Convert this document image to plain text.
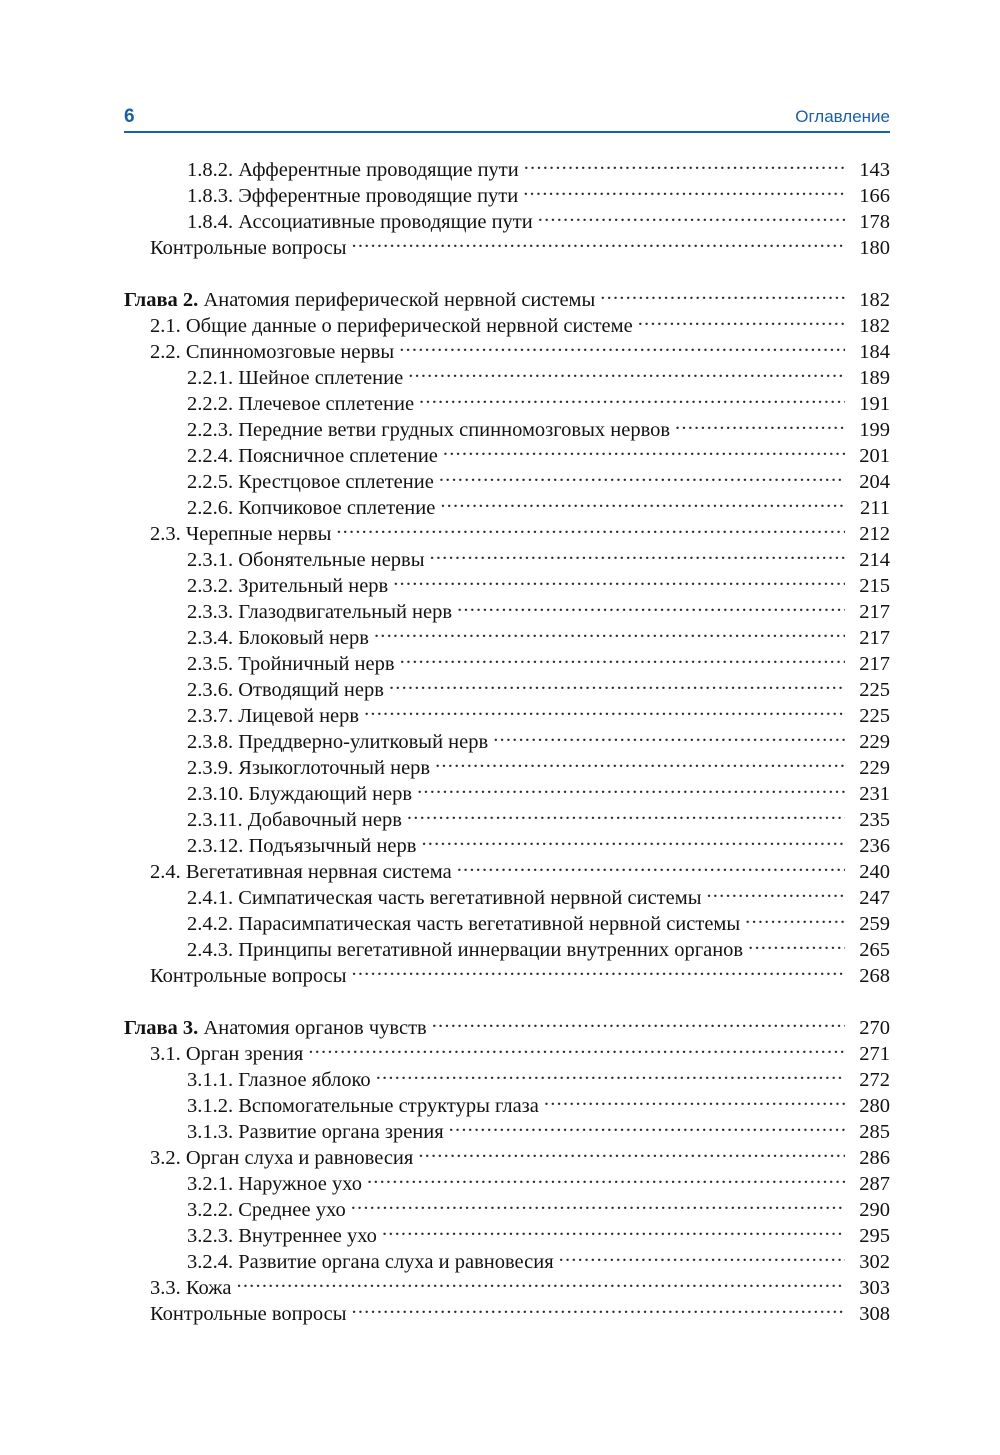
6	Оглавление
1.8.2. Афферентные проводящие пути .....	143
1.8.3. Эфферентные проводящие пути .....	166
1.8.4. Ассоциативные проводящие пути .....	178
Контрольные вопросы .....	180
Глава 2. Анатомия периферической нервной системы .....	182
2.1. Общие данные о периферической нервной системе .....	182
2.2. Спинномозговые нервы .....	184
2.2.1. Шейное сплетение .....	189
2.2.2. Плечевое сплетение .....	191
2.2.3. Передние ветви грудных спинномозговых нервов .....	199
2.2.4. Поясничное сплетение .....	201
2.2.5. Крестцовое сплетение .....	204
2.2.6. Копчиковое сплетение .....	211
2.3. Черепные нервы .....	212
2.3.1. Обонятельные нервы .....	214
2.3.2. Зрительный нерв .....	215
2.3.3. Глазодвигательный нерв .....	217
2.3.4. Блоковый нерв .....	217
2.3.5. Тройничный нерв .....	217
2.3.6. Отводящий нерв .....	225
2.3.7. Лицевой нерв .....	225
2.3.8. Преддверно-улитковый нерв .....	229
2.3.9. Языкоглоточный нерв .....	229
2.3.10. Блуждающий нерв .....	231
2.3.11. Добавочный нерв .....	235
2.3.12. Подъязычный нерв .....	236
2.4. Вегетативная нервная система .....	240
2.4.1. Симпатическая часть вегетативной нервной системы .....	247
2.4.2. Парасимпатическая часть вегетативной нервной системы .....	259
2.4.3. Принципы вегетативной иннервации внутренних органов .....	265
Контрольные вопросы .....	268
Глава 3. Анатомия органов чувств .....	270
3.1. Орган зрения .....	271
3.1.1. Глазное яблоко .....	272
3.1.2. Вспомогательные структуры глаза .....	280
3.1.3. Развитие органа зрения .....	285
3.2. Орган слуха и равновесия .....	286
3.2.1. Наружное ухо .....	287
3.2.2. Среднее ухо .....	290
3.2.3. Внутреннее ухо .....	295
3.2.4. Развитие органа слуха и равновесия .....	302
3.3. Кожа .....	303
Контрольные вопросы .....	308
